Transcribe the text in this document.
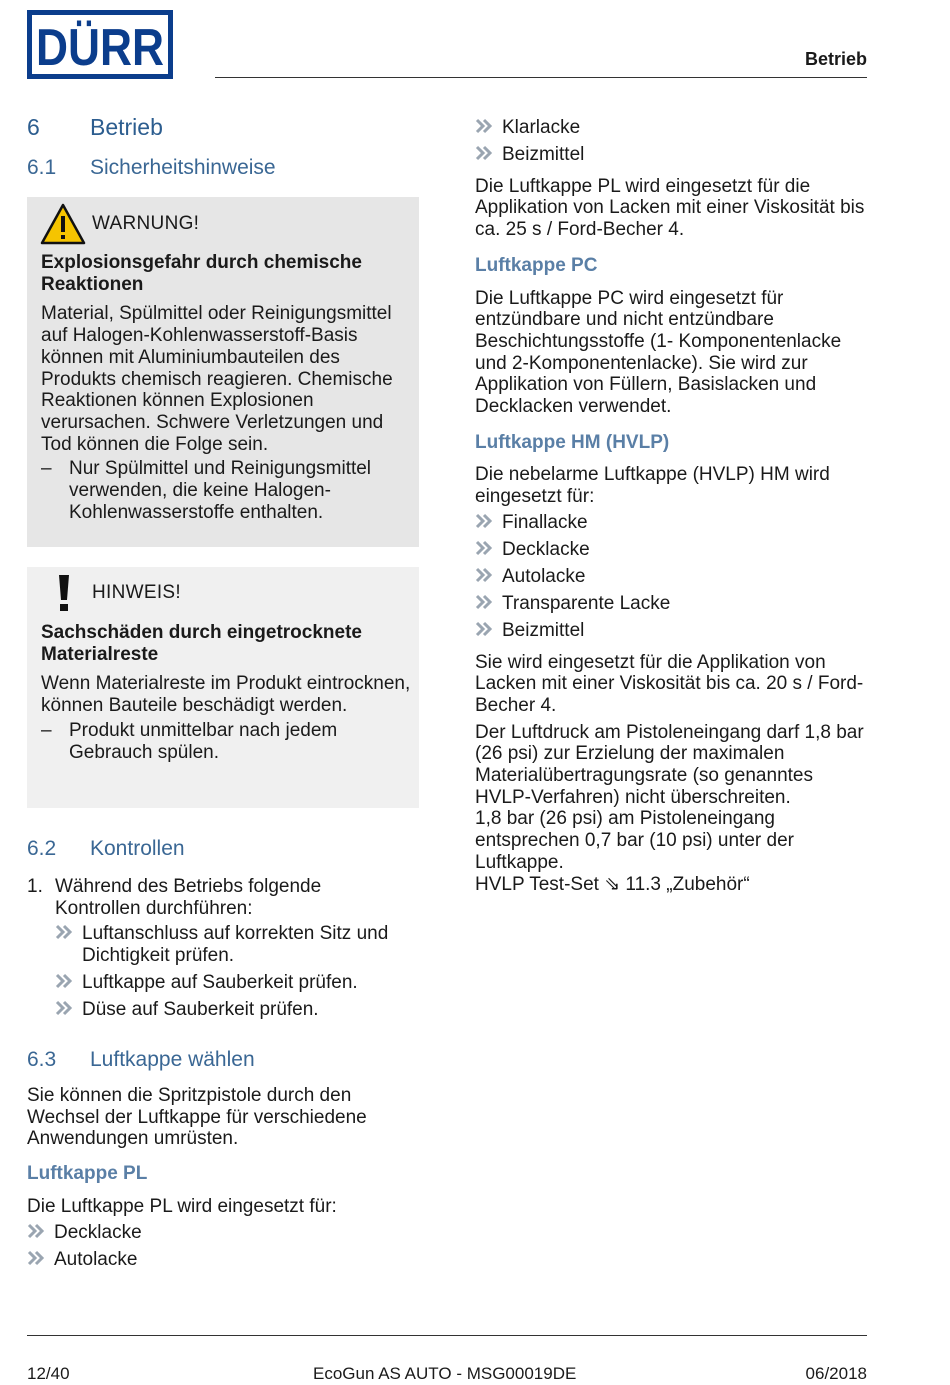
DÜRR	Betrieb
6 Betrieb
6.1 Sicherheitshinweise
WARNUNG!

Explosionsgefahr durch chemische Reaktionen

Material, Spülmittel oder Reinigungsmittel auf Halogen-Kohlenwasserstoff-Basis können mit Aluminiumbauteilen des Produkts chemisch reagieren. Chemische Reaktionen können Explosionen verursachen. Schwere Verletzungen und Tod können die Folge sein.

– Nur Spülmittel und Reinigungsmittel verwenden, die keine Halogen-Kohlenwasserstoffe enthalten.
HINWEIS!

Sachschäden durch eingetrocknete Materialreste

Wenn Materialreste im Produkt eintrocknen, können Bauteile beschädigt werden.

– Produkt unmittelbar nach jedem Gebrauch spülen.
6.2 Kontrollen
1. Während des Betriebs folgende Kontrollen durchführen:
Luftanschluss auf korrekten Sitz und Dichtigkeit prüfen.
Luftkappe auf Sauberkeit prüfen.
Düse auf Sauberkeit prüfen.
6.3 Luftkappe wählen

Sie können die Spritzpistole durch den Wechsel der Luftkappe für verschiedene Anwendungen umrüsten.

Luftkappe PL

Die Luftkappe PL wird eingesetzt für:

Decklacke
Autolacke
Klarlacke
Beizmittel

Die Luftkappe PL wird eingesetzt für die Applikation von Lacken mit einer Viskosität bis ca. 25 s / Ford-Becher 4.

Luftkappe PC

Die Luftkappe PC wird eingesetzt für entzündbare und nicht entzündbare Beschichtungsstoffe (1- Komponentenlacke und 2-Komponentenlacke). Sie wird zur Applikation von Füllern, Basislacken und Decklacken verwendet.

Luftkappe HM (HVLP)

Die nebelarme Luftkappe (HVLP) HM wird eingesetzt für:

Finallacke
Decklacke
Autolacke
Transparente Lacke
Beizmittel

Sie wird eingesetzt für die Applikation von Lacken mit einer Viskosität bis ca. 20 s / Ford-Becher 4.

Der Luftdruck am Pistoleneingang darf 1,8 bar (26 psi) zur Erzielung der maximalen Materialübertragungsrate (so genanntes HVLP-Verfahren) nicht überschreiten.

1,8 bar (26 psi) am Pistoleneingang entsprechen 0,7 bar (10 psi) unter der Luftkappe.

HVLP Test-Set ⇘ 11.3 „Zubehör“

12/40	EcoGun AS AUTO - MSG00019DE	06/2018
